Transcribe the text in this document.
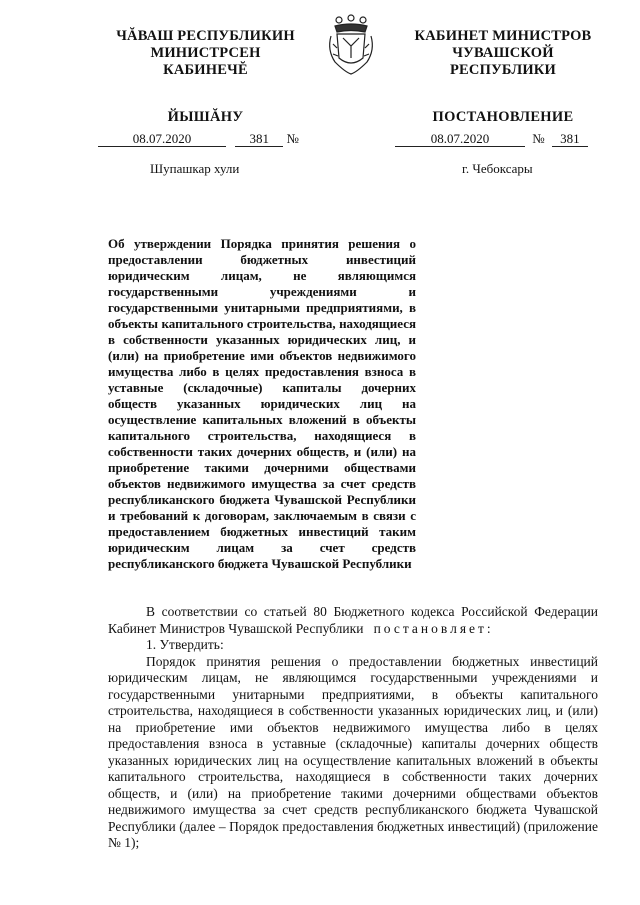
ЧĂВАШ РЕСПУБЛИКИН
МИНИСТРСЕН КАБИНЕЧĔ
ЙЫШĂНУ
КАБИНЕТ МИНИСТРОВ
ЧУВАШСКОЙ РЕСПУБЛИКИ
ПОСТАНОВЛЕНИЕ
08.07.2020	381 №	08.07.2020	№ 381
Шупашкар хули	г. Чебоксары
Об утверждении Порядка принятия решения о предоставлении бюджетных инвестиций юридическим лицам, не являющимся государственными учреждениями и государственными унитарными предприятиями, в объекты капитального строительства, находящиеся в собственности указанных юридических лиц, и (или) на приобретение ими объектов недвижимого имущества либо в целях предоставления взноса в уставные (складочные) капиталы дочерних обществ указанных юридических лиц на осуществление капитальных вложений в объекты капитального строительства, находящиеся в собственности таких дочерних обществ, и (или) на приобретение такими дочерними обществами объектов недвижимого имущества за счет средств республиканского бюджета Чувашской Республики и требований к договорам, заключаемым в связи с предоставлением бюджетных инвестиций таким юридическим лицам за счет средств республиканского бюджета Чувашской Республики

В соответствии со статьей 80 Бюджетного кодекса Российской Федерации Кабинет Министров Чувашской Республики постановляет:

1. Утвердить:

Порядок принятия решения о предоставлении бюджетных инвестиций юридическим лицам, не являющимся государственными учреждениями и государственными унитарными предприятиями, в объекты капитального строительства, находящиеся в собственности указанных юридических лиц, и (или) на приобретение ими объектов недвижимого имущества либо в целях предоставления взноса в уставные (складочные) капиталы дочерних обществ указанных юридических лиц на осуществление капитальных вложений в объекты капитального строительства, находящиеся в собственности таких дочерних обществ, и (или) на приобретение такими дочерними обществами объектов недвижимого имущества за счет средств республиканского бюджета Чувашской Республики (далее – Порядок предоставления бюджетных инвестиций) (приложение № 1);
